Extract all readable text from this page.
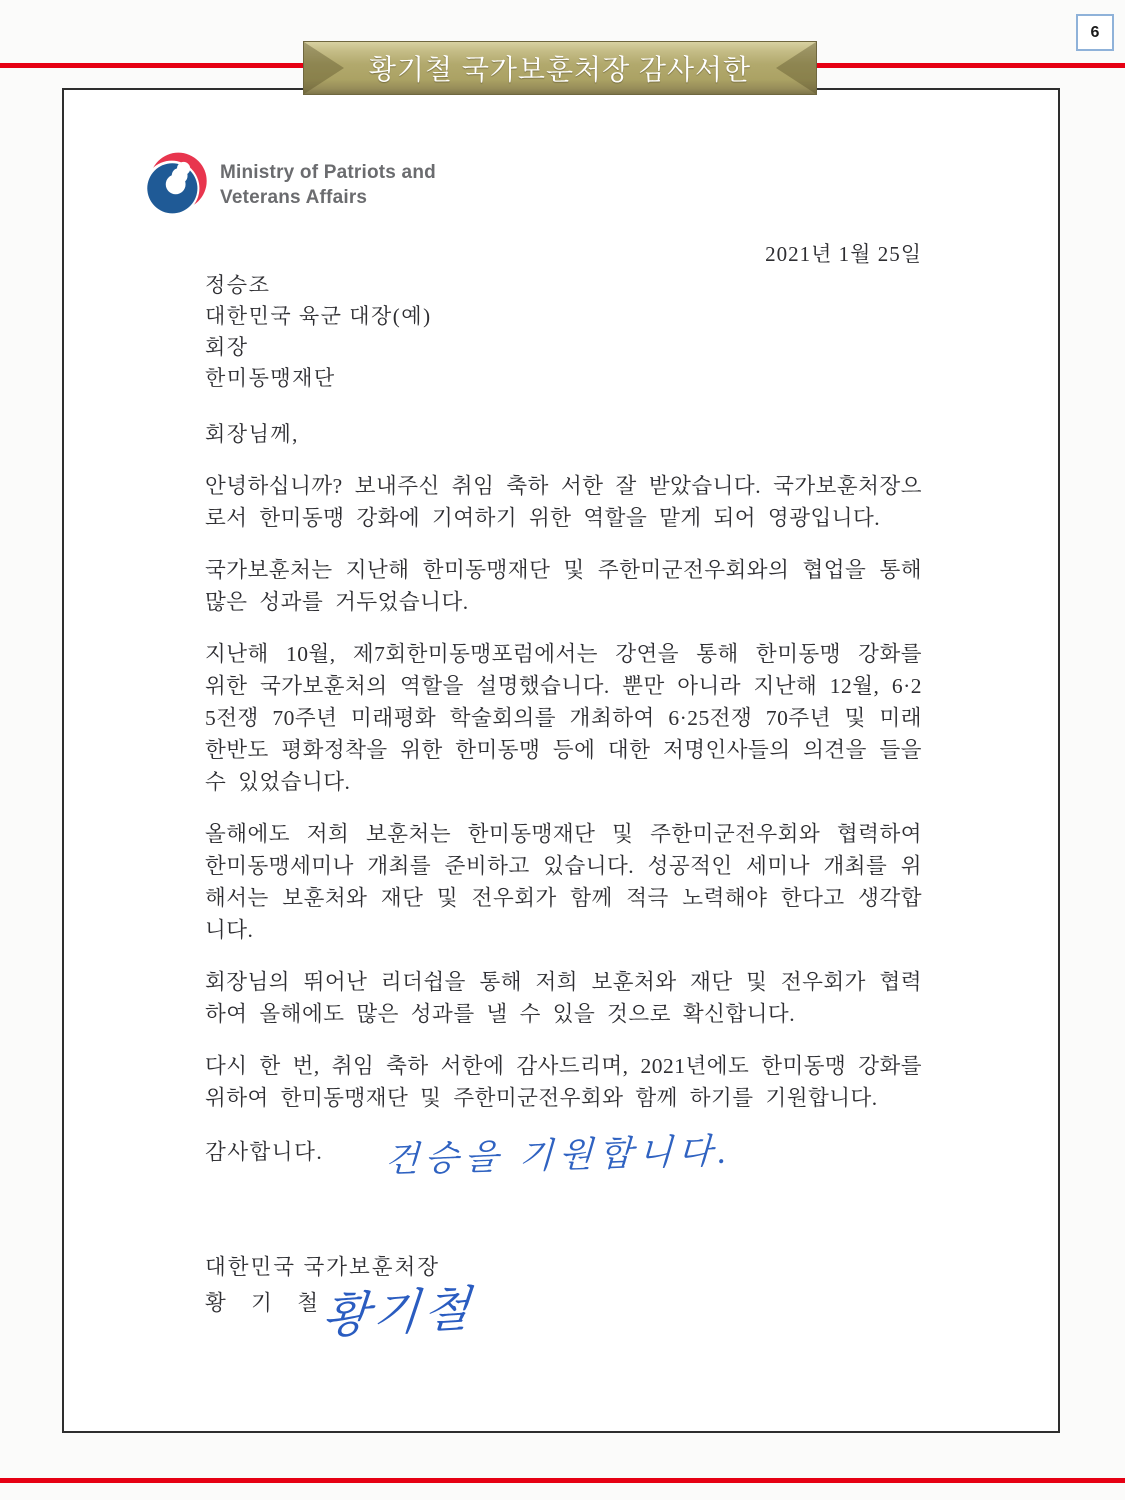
6
황기철 국가보훈처장 감사서한
Ministry of Patriots and
Veterans Affairs
2021년 1월 25일
정승조
대한민국 육군 대장(예)
회장
한미동맹재단
회장님께,

안녕하십니까? 보내주신 취임 축하 서한 잘 받았습니다. 국가보훈처장으로서 한미동맹 강화에 기여하기 위한 역할을 맡게 되어 영광입니다.

국가보훈처는 지난해 한미동맹재단 및 주한미군전우회와의 협업을 통해 많은 성과를 거두었습니다.

지난해 10월, 제7회한미동맹포럼에서는 강연을 통해 한미동맹 강화를 위한 국가보훈처의 역할을 설명했습니다. 뿐만 아니라 지난해 12월, 6·25전쟁 70주년 미래평화 학술회의를 개최하여 6·25전쟁 70주년 및 미래 한반도 평화정착을 위한 한미동맹 등에 대한 저명인사들의 의견을 들을 수 있었습니다.

올해에도 저희 보훈처는 한미동맹재단 및 주한미군전우회와 협력하여 한미동맹세미나 개최를 준비하고 있습니다. 성공적인 세미나 개최를 위해서는 보훈처와 재단 및 전우회가 함께 적극 노력해야 한다고 생각합니다.

회장님의 뛰어난 리더쉽을 통해 저희 보훈처와 재단 및 전우회가 협력하여 올해에도 많은 성과를 낼 수 있을 것으로 확신합니다.

다시 한 번, 취임 축하 서한에 감사드리며, 2021년에도 한미동맹 강화를 위하여 한미동맹재단 및 주한미군전우회와 함께 하기를 기원합니다.

감사합니다. 건승을 기원합니다.
대한민국 국가보훈처장
황 기 철
황기철
